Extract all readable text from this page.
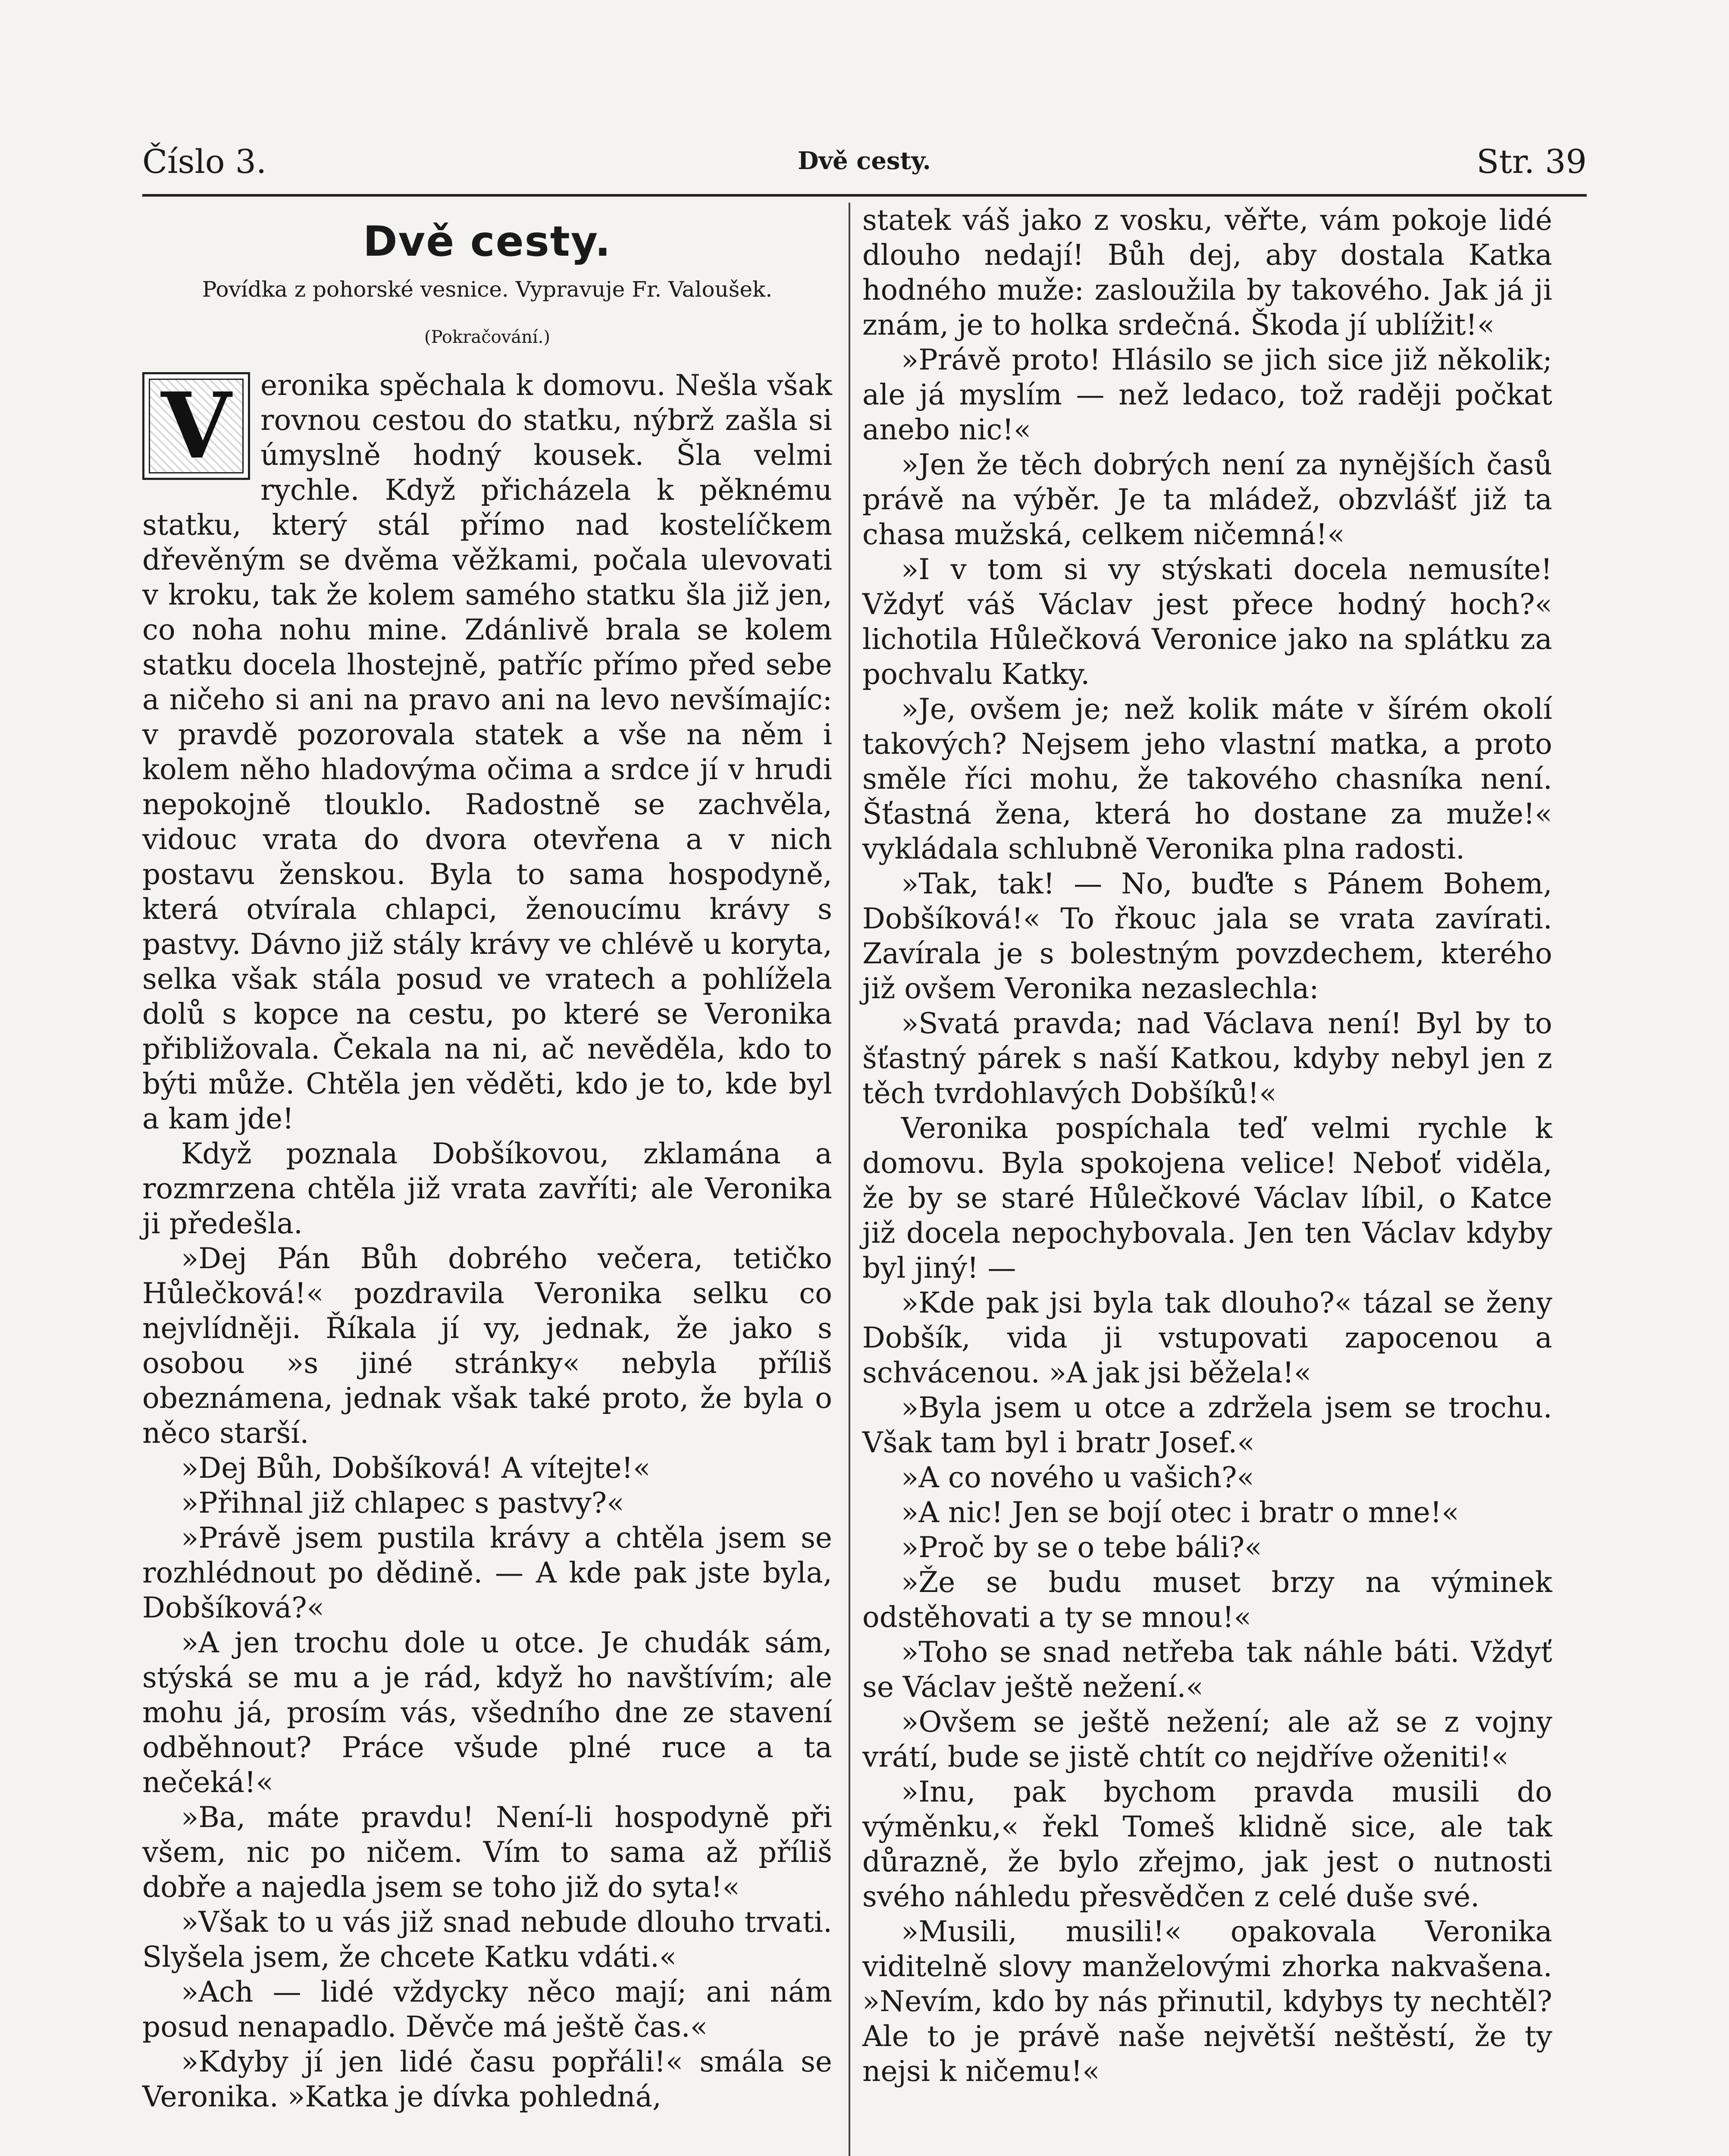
Číslo 3.	Dvě cesty.	Str. 39
Dvě cesty.
Povídka z pohorské vesnice. Vypravuje Fr. Valoušek.
(Pokračování.)
V	eronika spěchala k domovu. Nešla však rovnou cestou do statku, nýbrž zašla si úmyslně hodný kousek. Šla velmi rychle. Když přicházela k pěknému statku, který stál přímo nad kostelíčkem dřevěným se dvěma věžkami, počala ulevovati v kroku, tak že kolem samého statku šla již jen, co noha nohu mine. Zdánlivě brala se kolem statku docela lhostejně, patříc přímo před sebe a ničeho si ani na pravo ani na levo nevšímajíc: v pravdě pozorovala statek a vše na něm i kolem něho hladovýma očima a srdce jí v hrudi nepokojně tlouklo. Radostně se zachvěla, vidouc vrata do dvora otevřena a v nich postavu ženskou. Byla to sama hospodyně, která otvírala chlapci, ženoucímu krávy s pastvy. Dávno již stály krávy ve chlévě u koryta, selka však stála posud ve vratech a pohlížela dolů s kopce na cestu, po které se Veronika přibližovala. Čekala na ni, ač nevěděla, kdo to býti může. Chtěla jen věděti, kdo je to, kde byl a kam jde!

Když poznala Dobšíkovou, zklamána a rozmrzena chtěla již vrata zavříti; ale Veronika ji předešla.

»Dej Pán Bůh dobrého večera, tetičko Hůlečková!« pozdravila Veronika selku co nejvlídněji. Říkala jí vy, jednak, že jako s osobou »s jiné stránky« nebyla příliš obeznámena, jednak však také proto, že byla o něco starší.

»Dej Bůh, Dobšíková! A vítejte!«

»Přihnal již chlapec s pastvy?«

»Právě jsem pustila krávy a chtěla jsem se rozhlédnout po dědině. — A kde pak jste byla, Dobšíková?«

»A jen trochu dole u otce. Je chudák sám, stýská se mu a je rád, když ho navštívím; ale mohu já, prosím vás, všedního dne ze stavení odběhnout? Práce všude plné ruce a ta nečeká!«

»Ba, máte pravdu! Není-li hospodyně při všem, nic po ničem. Vím to sama až příliš dobře a najedla jsem se toho již do syta!«

»Však to u vás již snad nebude dlouho trvati. Slyšela jsem, že chcete Katku vdáti.«

»Ach — lidé vždycky něco mají; ani nám posud nenapadlo. Děvče má ještě čas.«

»Kdyby jí jen lidé času popřáli!« smála se Veronika. »Katka je dívka pohledná,

statek váš jako z vosku, věřte, vám pokoje lidé dlouho nedají! Bůh dej, aby dostala Katka hodného muže: zasloužila by takového. Jak já ji znám, je to holka srdečná. Škoda jí ublížit!«

»Právě proto! Hlásilo se jich sice již několik; ale já myslím — než ledaco, tož raději počkat anebo nic!«

»Jen že těch dobrých není za nynějších časů právě na výběr. Je ta mládež, obzvlášť již ta chasa mužská, celkem ničemná!«

»I v tom si vy stýskati docela nemusíte! Vždyť váš Václav jest přece hodný hoch?« lichotila Hůlečková Veronice jako na splátku za pochvalu Katky.

»Je, ovšem je; než kolik máte v šírém okolí takových? Nejsem jeho vlastní matka, a proto směle říci mohu, že takového chasníka není. Šťastná žena, která ho dostane za muže!« vykládala schlubně Veronika plna radosti.

»Tak, tak! — No, buďte s Pánem Bohem, Dobšíková!« To řkouc jala se vrata zavírati. Zavírala je s bolestným povzdechem, kterého již ovšem Veronika nezaslechla:

»Svatá pravda; nad Václava není! Byl by to šťastný párek s naší Katkou, kdyby nebyl jen z těch tvrdohlavých Dobšíků!«

Veronika pospíchala teď velmi rychle k domovu. Byla spokojena velice! Neboť viděla, že by se staré Hůlečkové Václav líbil, o Katce již docela nepochybovala. Jen ten Václav kdyby byl jiný! —

»Kde pak jsi byla tak dlouho?« tázal se ženy Dobšík, vida ji vstupovati zapocenou a schvácenou. »A jak jsi běžela!«

»Byla jsem u otce a zdržela jsem se trochu. Však tam byl i bratr Josef.«

»A co nového u vašich?«

»A nic! Jen se bojí otec i bratr o mne!«

»Proč by se o tebe báli?«

»Že se budu muset brzy na výminek odstěhovati a ty se mnou!«

»Toho se snad netřeba tak náhle báti. Vždyť se Václav ještě nežení.«

»Ovšem se ještě nežení; ale až se z vojny vrátí, bude se jistě chtít co nejdříve oženiti!«

»Inu, pak bychom pravda musili do výměnku,« řekl Tomeš klidně sice, ale tak důrazně, že bylo zřejmo, jak jest o nutnosti svého náhledu přesvědčen z celé duše své.

»Musili, musili!« opakovala Veronika viditelně slovy manželovými zhorka nakvašena. »Nevím, kdo by nás přinutil, kdybys ty nechtěl? Ale to je právě naše největší neštěstí, že ty nejsi k ničemu!«
